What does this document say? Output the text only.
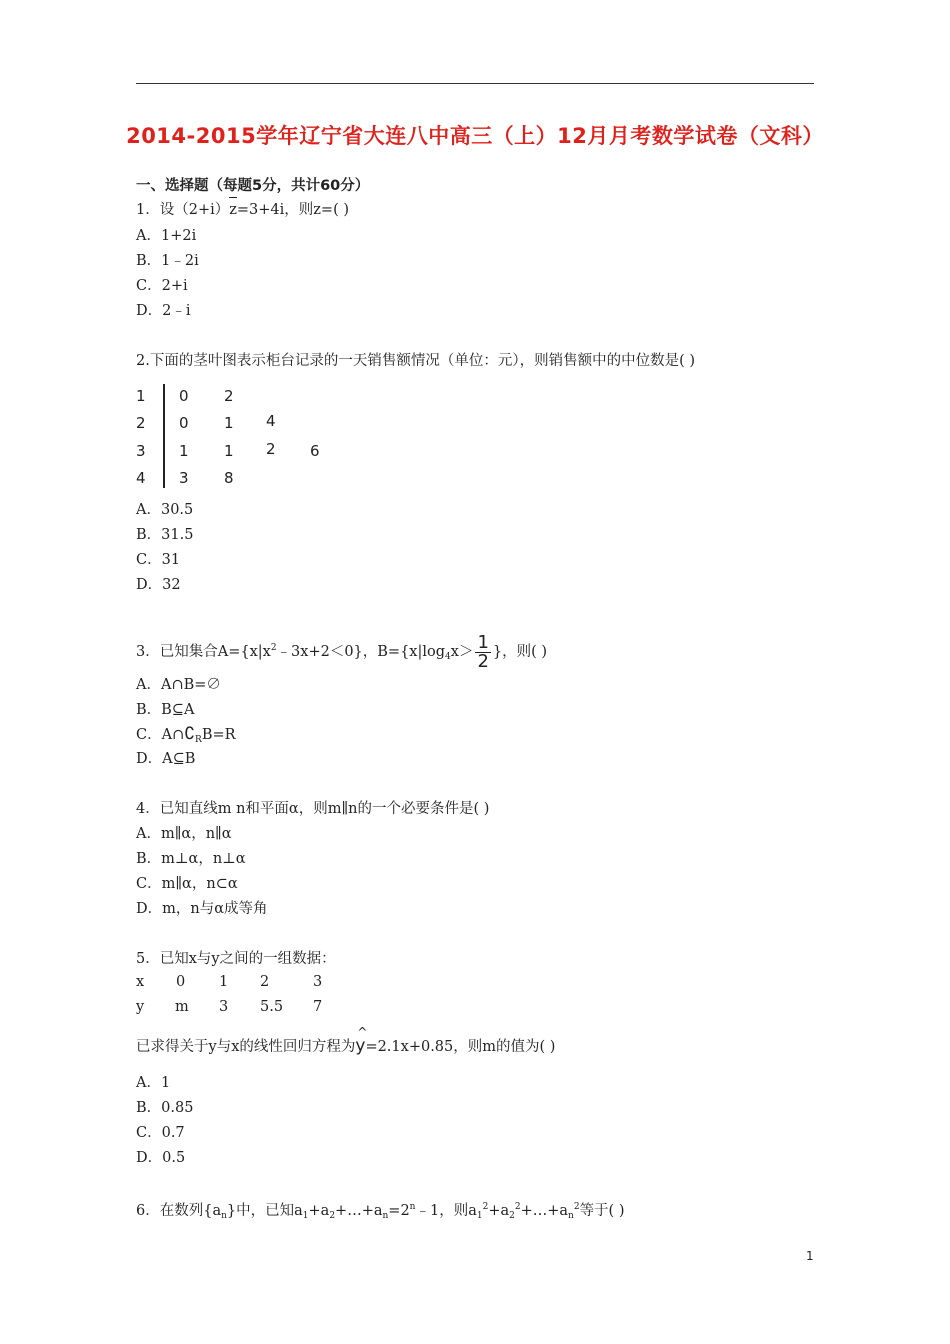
2014-2015学年辽宁省大连八中高三（上）12月月考数学试卷（文科）
一、选择题（每题5分，共计60分）
1．设（2+i）z=3+4i，则z=( )
A．1+2i
B．1﹣2i
C．2+i
D．2﹣i
2.下面的茎叶图表示柜台记录的一天销售额情况（单位：元），则销售额中的中位数是( )
1
2
3
4
0 2
0 1 4
1 1 2 6
3 8
A．30.5
B．31.5
C．31
D．32
3．已知集合$A=\{x|x^2﹣3x+2<0\}$，$B=\{x|\log_4x> \frac{1}{2}$ }，则( )
A．A∩B=∅
B．B⊆A
C．$A\cap∁_RB=R$
D．A⊆B
4．已知直线m n和平面α，则m∥n的一个必要条件是( )
A．m∥α，n∥α
B．m⊥α，n⊥α
C．m∥α，n⊂α
D．m，n与α成等角
5．已知x与y之间的一组数据：
x 0 1 2	3
y m 3 5.5 7
已求得关于y与x的线性回归方程为^ y=2.1x+0.85，则m的值为( )
A．1
B．0.85
C．0.7
D．0.5
6．在数列$\{a_n\}$中，已知$a_1+a_2+\dots+a_n=2^n﹣1$，则$a_1^2+a_2^2+\dots+a_n^2$等于( )
1
